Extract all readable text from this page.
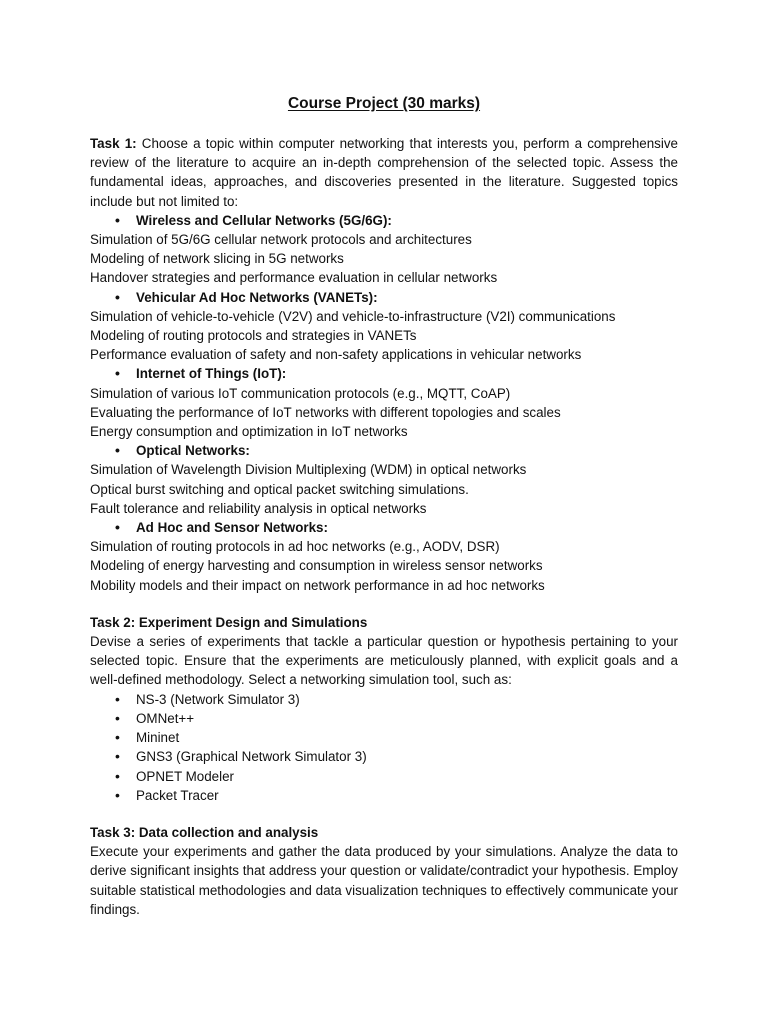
Course Project (30 marks)

Task 1: Choose a topic within computer networking that interests you, perform a comprehensive review of the literature to acquire an in-depth comprehension of the selected topic. Assess the fundamental ideas, approaches, and discoveries presented in the literature. Suggested topics include but not limited to:

• Wireless and Cellular Networks (5G/6G):

Simulation of 5G/6G cellular network protocols and architectures

Modeling of network slicing in 5G networks

Handover strategies and performance evaluation in cellular networks

• Vehicular Ad Hoc Networks (VANETs):

Simulation of vehicle-to-vehicle (V2V) and vehicle-to-infrastructure (V2I) communications

Modeling of routing protocols and strategies in VANETs

Performance evaluation of safety and non-safety applications in vehicular networks

• Internet of Things (IoT):

Simulation of various IoT communication protocols (e.g., MQTT, CoAP)

Evaluating the performance of IoT networks with different topologies and scales

Energy consumption and optimization in IoT networks

• Optical Networks:

Simulation of Wavelength Division Multiplexing (WDM) in optical networks

Optical burst switching and optical packet switching simulations.

Fault tolerance and reliability analysis in optical networks

• Ad Hoc and Sensor Networks:

Simulation of routing protocols in ad hoc networks (e.g., AODV, DSR)

Modeling of energy harvesting and consumption in wireless sensor networks

Mobility models and their impact on network performance in ad hoc networks

Task 2: Experiment Design and Simulations

Devise a series of experiments that tackle a particular question or hypothesis pertaining to your selected topic. Ensure that the experiments are meticulously planned, with explicit goals and a well-defined methodology. Select a networking simulation tool, such as:

• NS-3 (Network Simulator 3)
• OMNet++
• Mininet
• GNS3 (Graphical Network Simulator 3)
• OPNET Modeler
• Packet Tracer

Task 3: Data collection and analysis

Execute your experiments and gather the data produced by your simulations. Analyze the data to derive significant insights that address your question or validate/contradict your hypothesis. Employ suitable statistical methodologies and data visualization techniques to effectively communicate your findings.
